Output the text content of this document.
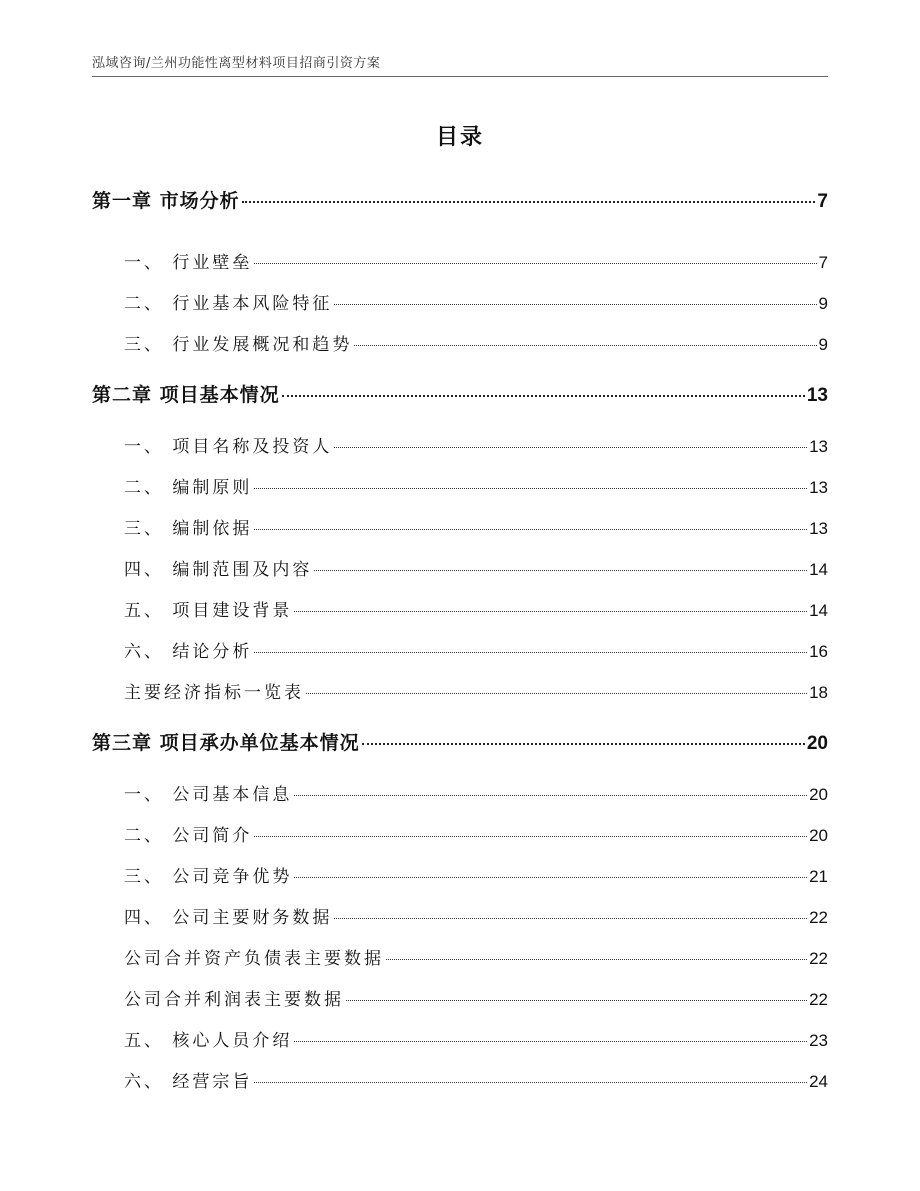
泓域咨询/兰州功能性离型材料项目招商引资方案
目录
第一章 市场分析	7
一、 行业壁垒	7
二、 行业基本风险特征	9
三、 行业发展概况和趋势	9
第二章 项目基本情况	13
一、 项目名称及投资人	13
二、 编制原则	13
三、 编制依据	13
四、 编制范围及内容	14
五、 项目建设背景	14
六、 结论分析	16
主要经济指标一览表	18
第三章 项目承办单位基本情况	20
一、 公司基本信息	20
二、 公司简介	20
三、 公司竞争优势	21
四、 公司主要财务数据	22
公司合并资产负债表主要数据	22
公司合并利润表主要数据	22
五、 核心人员介绍	23
六、 经营宗旨	24
